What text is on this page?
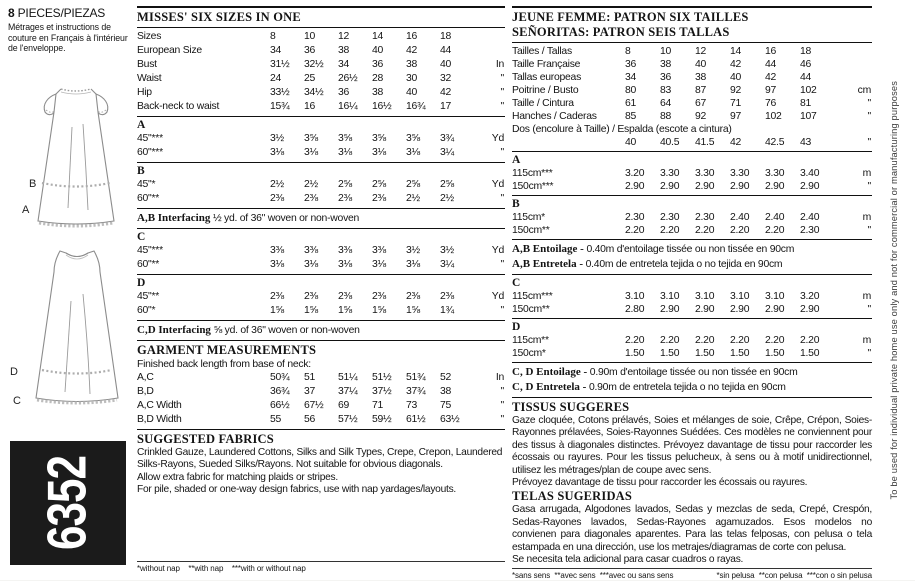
8 PIECES/PIEZAS
Métrages et instructions de couture en Français à l'intérieur de l'enveloppe.
B
A
D
C
6352
MISSES' SIX SIZES IN ONE
Sizes	8	10	12	14	16	18
European Size	34	36	38	40	42	44
Bust	31½	32½	34	36	38	40	In
Waist	24	25	26½	28	30	32	"
Hip	33½	34½	36	38	40	42	"
Back-neck to waist	15¾	16	16¼	16½	16¾	17	"
A
45"***	3½	3⅝	3⅝	3⅝	3⅝	3¾	Yd
60"***	3⅛	3⅛	3⅛	3⅛	3⅛	3¼	"
B
45"*	2½	2½	2⅝	2⅝	2⅝	2⅝	Yd
60"**	2⅜	2⅜	2⅜	2⅜	2½	2½	"
A,B Interfacing ½ yd. of 36" woven or non-woven
C
45"***	3⅜	3⅜	3⅜	3⅜	3½	3½	Yd
60"**	3⅛	3⅛	3⅛	3⅛	3⅛	3¼	"
D
45"**	2⅜	2⅜	2⅜	2⅜	2⅜	2⅜	Yd
60"*	1⅝	1⅝	1⅝	1⅝	1⅝	1¾	"
C,D Interfacing ⅝ yd. of 36" woven or non-woven
GARMENT MEASUREMENTS
Finished back length from base of neck:
A,C	50¾	51	51¼	51½	51¾	52	In
B,D	36¾	37	37¼	37½	37¾	38	"
A,C Width	66½	67½	69	71	73	75	"
B,D Width	55	56	57½	59½	61½	63½	"
SUGGESTED FABRICS
Crinkled Gauze, Laundered Cottons, Silks and Silk Types, Crepe, Crepon, Laundered Silks-Rayons, Sueded Silks/Rayons. Not suitable for obvious diagonals.
Allow extra fabric for matching plaids or stripes.
For pile, shaded or one-way design fabrics, use with nap yardages/layouts.
*without nap    **with nap    ***with or without nap
JEUNE FEMME: PATRON SIX TAILLES
SEÑORITAS: PATRON SEIS TALLAS
Tailles / Tallas	8	10	12	14	16	18
Taille Française	36	38	40	42	44	46
Tallas europeas	34	36	38	40	42	44
Poitrine / Busto	80	83	87	92	97	102	cm
Taille / Cintura	61	64	67	71	76	81	"
Hanches / Caderas	85	88	92	97	102	107	"
Dos (encolure à Taille) / Espalda (escote a cintura)
40	40.5	41.5	42	42.5	43	"
A
115cm***	3.20	3.30	3.30	3.30	3.30	3.40	m
150cm***	2.90	2.90	2.90	2.90	2.90	2.90	"
B
115cm*	2.30	2.30	2.30	2.40	2.40	2.40	m
150cm**	2.20	2.20	2.20	2.20	2.20	2.30	"
A,B Entoilage - 0.40m d'entoilage tissée ou non tissée en 90cm
A,B Entretela - 0.40m de entretela tejida o no tejida en 90cm
C
115cm***	3.10	3.10	3.10	3.10	3.10	3.20	m
150cm**	2.80	2.90	2.90	2.90	2.90	2.90	"
D
115cm**	2.20	2.20	2.20	2.20	2.20	2.20	m
150cm*	1.50	1.50	1.50	1.50	1.50	1.50	"
C, D Entoilage - 0.90m d'entoilage tissée ou non tissée en 90cm
C, D Entretela - 0.90m de entretela tejida o no tejida en 90cm
TISSUS SUGGERES
Gaze cloquée, Cotons prélavés, Soies et mélanges de soie, Crêpe, Crépon, Soies-Rayonnes prélavées, Soies-Rayonnes Suédées. Ces modèles ne conviennent pour des tissus à diagonales distinctes. Prévoyez davantage de tissu pour raccorder les écossais ou rayures. Pour les tissus pelucheux, à sens ou à motif unidirectionnel, utilisez les métrages/plan de coupe avec sens.
Prévoyez davantage de tissu pour raccorder les écossais ou rayures.
TELAS SUGERIDAS
Gasa arrugada, Algodones lavados, Sedas y mezclas de seda, Crepé, Crespón, Sedas-Rayones lavados, Sedas-Rayones agamuzados. Esos modelos no convienen para diagonales aparentes. Para las telas felposas, con pelusa o tela estampada en una dirección, use los metrajes/diagramas de corte con pelusa.
Se necesita tela adicional para casar cuadros o rayas.
*sans sens  **avec sens  ***avec ou sans sens	*sin pelusa  **con pelusa  ***con o sin pelusa
To be used for individual private home use only and not for commercial or manufacturing purposes
